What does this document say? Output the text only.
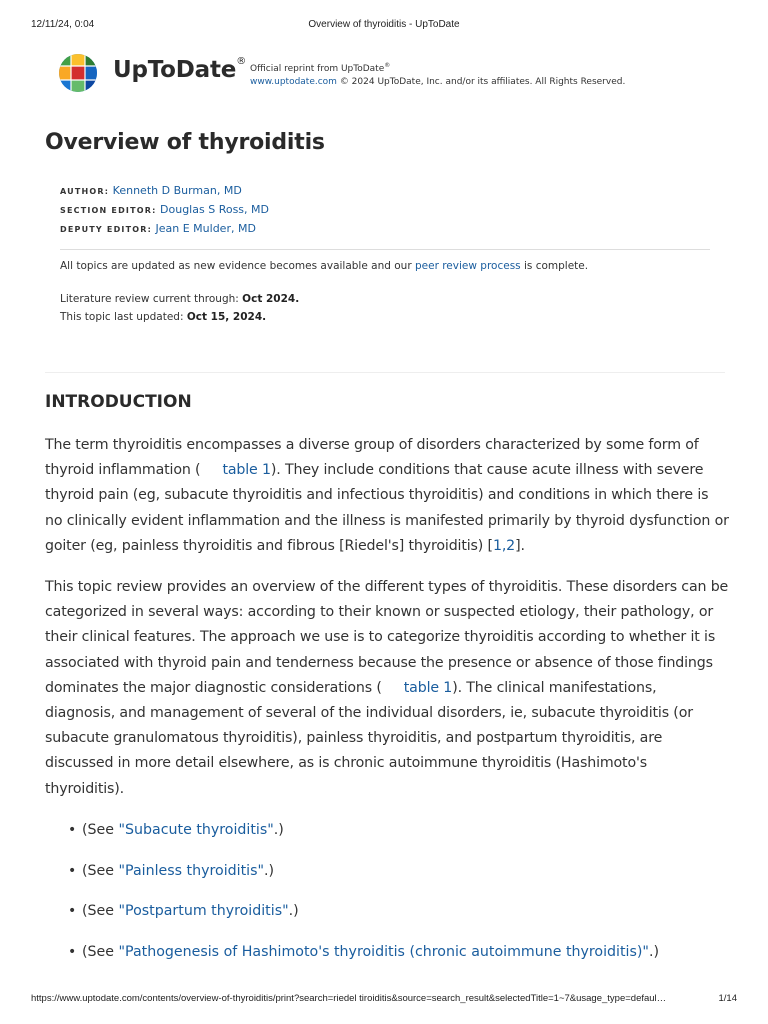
12/11/24, 0:04	Overview of thyroiditis - UpToDate
UpToDate®
Official reprint from UpToDate®
www.uptodate.com © 2024 UpToDate, Inc. and/or its affiliates. All Rights Reserved.
Overview of thyroiditis
AUTHOR: Kenneth D Burman, MD
SECTION EDITOR: Douglas S Ross, MD
DEPUTY EDITOR: Jean E Mulder, MD
All topics are updated as new evidence becomes available and our peer review process is complete.
Literature review current through: Oct 2024.
This topic last updated: Oct 15, 2024.
INTRODUCTION

The term thyroiditis encompasses a diverse group of disorders characterized by some form of thyroid inflammation ( table 1). They include conditions that cause acute illness with severe thyroid pain (eg, subacute thyroiditis and infectious thyroiditis) and conditions in which there is no clinically evident inflammation and the illness is manifested primarily by thyroid dysfunction or goiter (eg, painless thyroiditis and fibrous [Riedel's] thyroiditis) [1,2].

This topic review provides an overview of the different types of thyroiditis. These disorders can be categorized in several ways: according to their known or suspected etiology, their pathology, or their clinical features. The approach we use is to categorize thyroiditis according to whether it is associated with thyroid pain and tenderness because the presence or absence of those findings dominates the major diagnostic considerations ( table 1). The clinical manifestations, diagnosis, and management of several of the individual disorders, ie, subacute thyroiditis (or subacute granulomatous thyroiditis), painless thyroiditis, and postpartum thyroiditis, are discussed in more detail elsewhere, as is chronic autoimmune thyroiditis (Hashimoto's thyroiditis).

• (See "Subacute thyroiditis".)
• (See "Painless thyroiditis".)
• (See "Postpartum thyroiditis".)
• (See "Pathogenesis of Hashimoto's thyroiditis (chronic autoimmune thyroiditis)".)
https://www.uptodate.com/contents/overview-of-thyroiditis/print?search=riedel tiroiditis&source=search_result&selectedTitle=1~7&usage_type=defaul…	1/14
